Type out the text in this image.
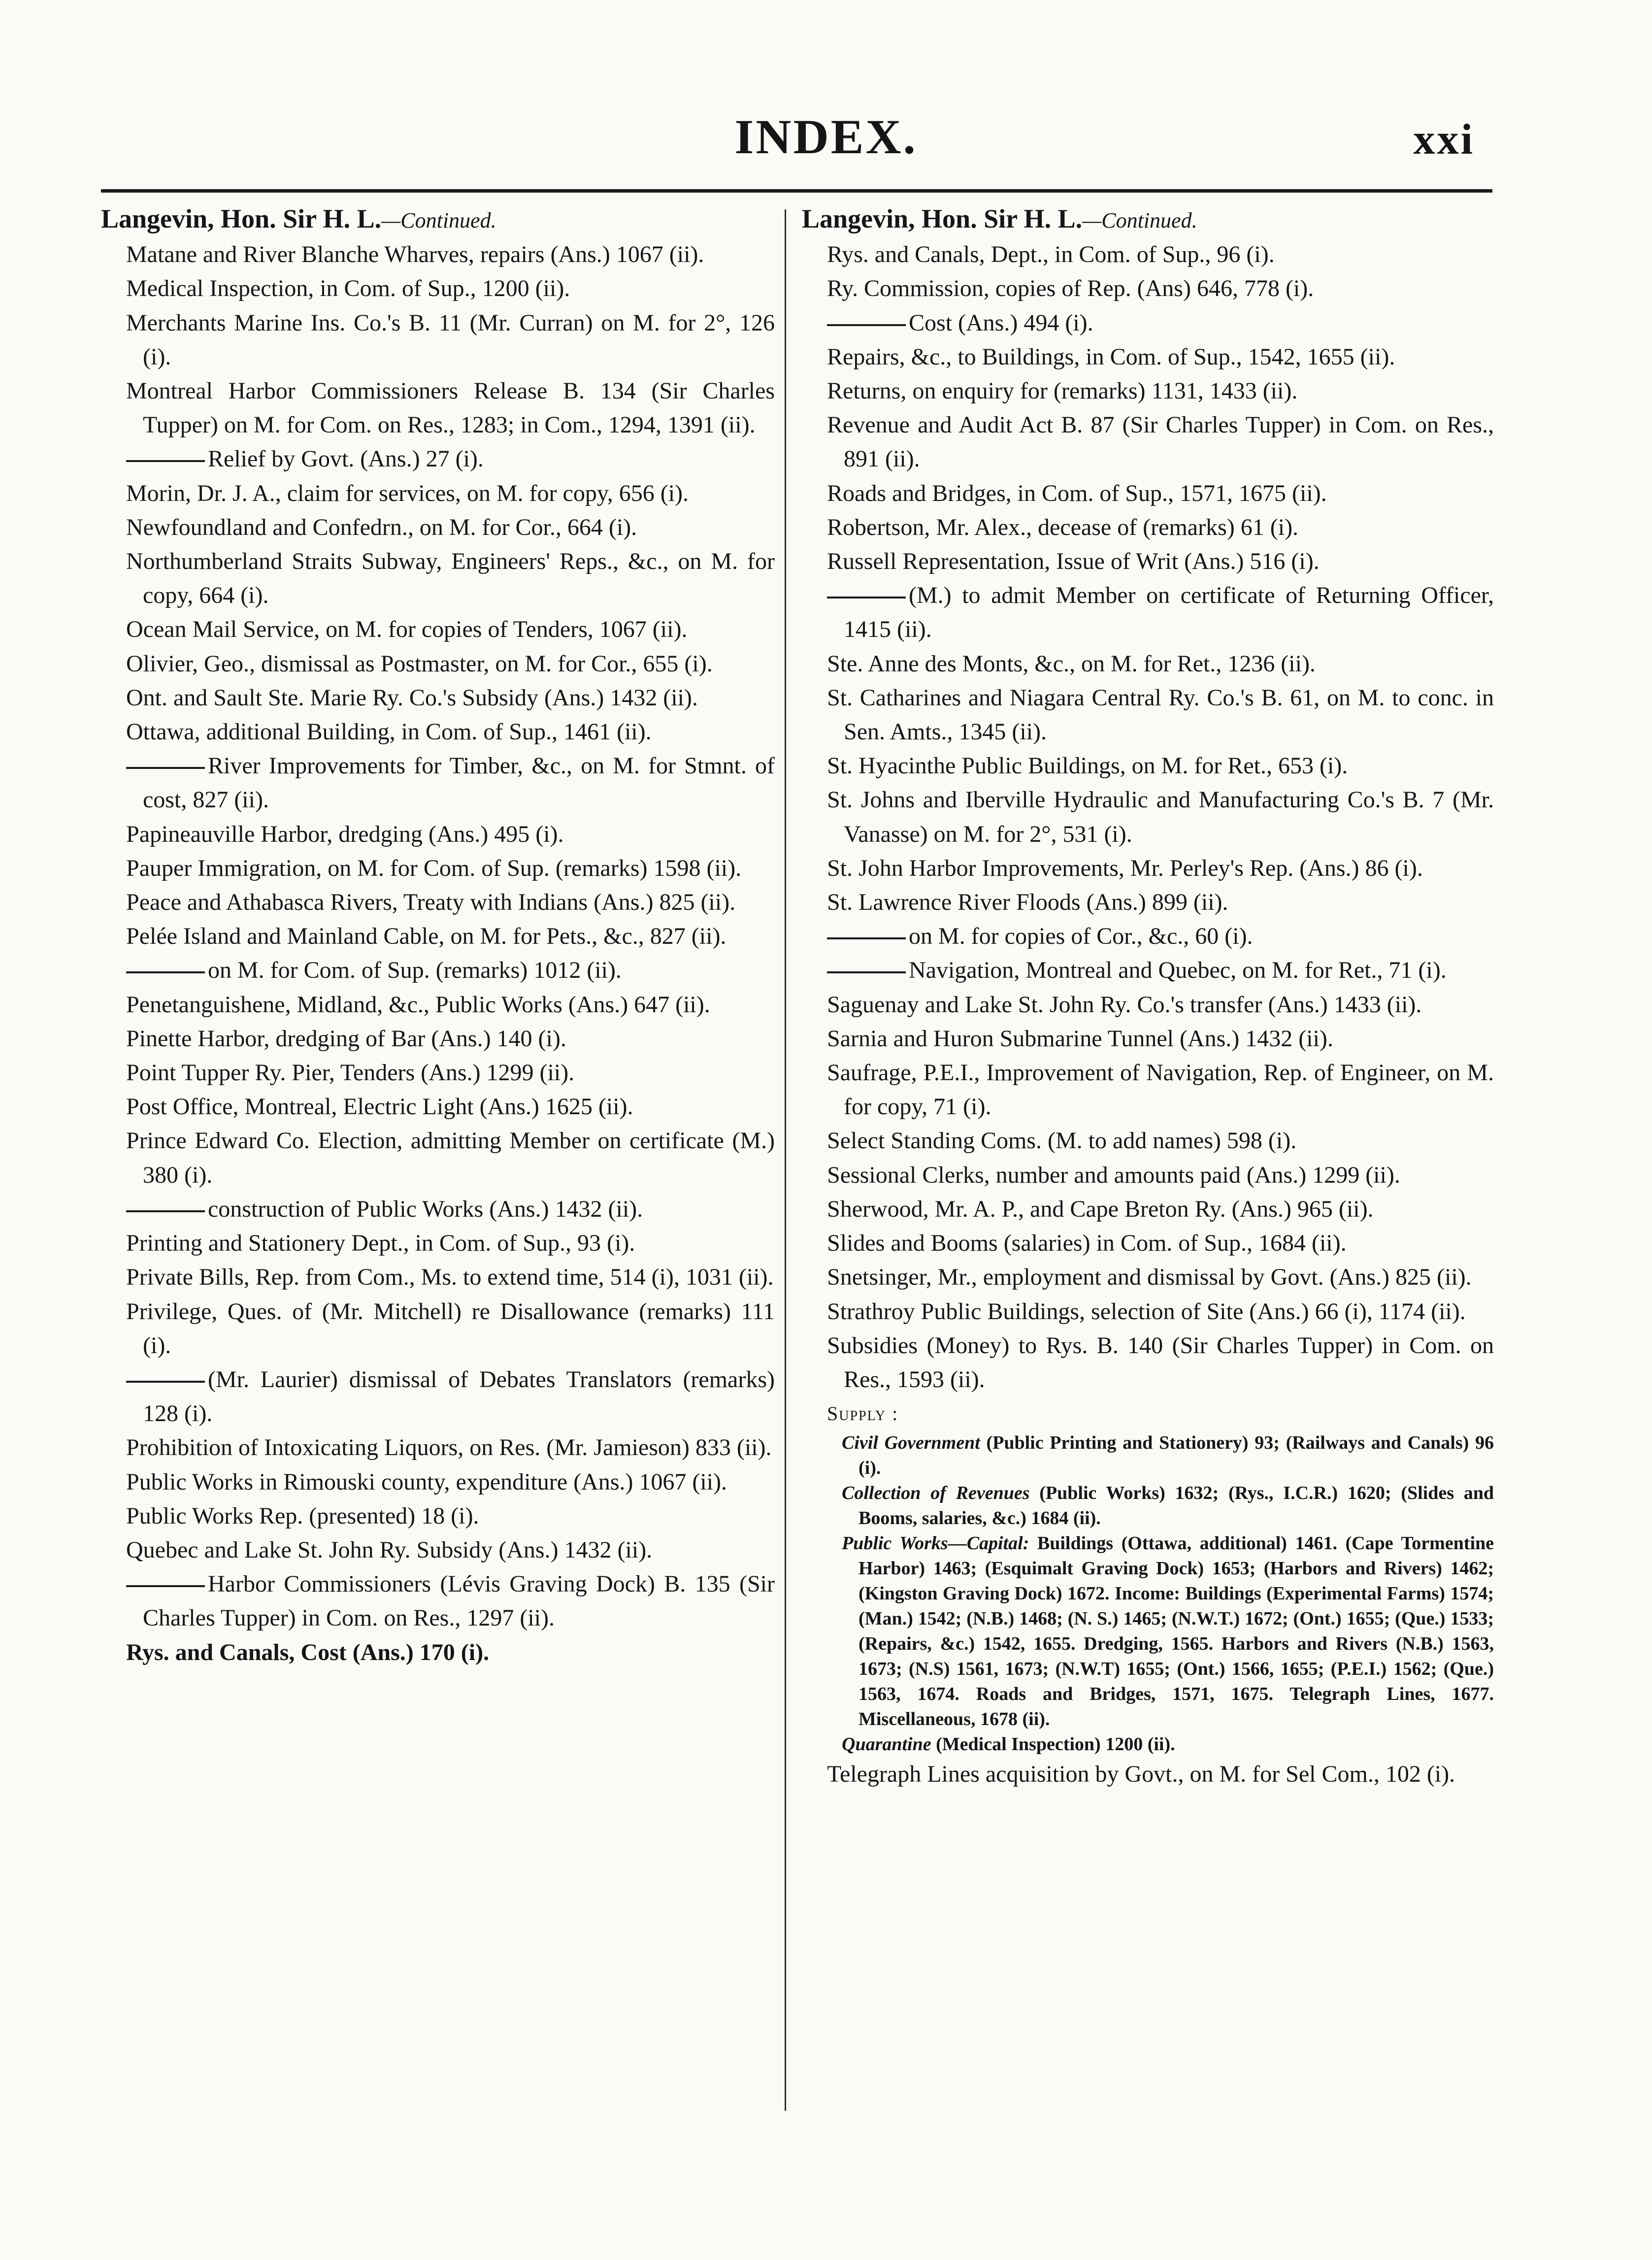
INDEX.	xxi
Langevin, Hon. Sir H. L.—Continued.
Matane and River Blanche Wharves, repairs (Ans.) 1067 (ii).
Medical Inspection, in Com. of Sup., 1200 (ii).
Merchants Marine Ins. Co.'s B. 11 (Mr. Curran) on M. for 2°, 126 (i).
Montreal Harbor Commissioners Release B. 134 (Sir Charles Tupper) on M. for Com. on Res., 1283; in Com., 1294, 1391 (ii).
Relief by Govt. (Ans.) 27 (i).
Morin, Dr. J. A., claim for services, on M. for copy, 656 (i).
Newfoundland and Confedrn., on M. for Cor., 664 (i).
Northumberland Straits Subway, Engineers' Reps., &c., on M. for copy, 664 (i).
Ocean Mail Service, on M. for copies of Tenders, 1067 (ii).
Olivier, Geo., dismissal as Postmaster, on M. for Cor., 655 (i).
Ont. and Sault Ste. Marie Ry. Co.'s Subsidy (Ans.) 1432 (ii).
Ottawa, additional Building, in Com. of Sup., 1461 (ii).
River Improvements for Timber, &c., on M. for Stmnt. of cost, 827 (ii).
Papineauville Harbor, dredging (Ans.) 495 (i).
Pauper Immigration, on M. for Com. of Sup. (remarks) 1598 (ii).
Peace and Athabasca Rivers, Treaty with Indians (Ans.) 825 (ii).
Pelée Island and Mainland Cable, on M. for Pets., &c., 827 (ii).
on M. for Com. of Sup. (remarks) 1012 (ii).
Penetanguishene, Midland, &c., Public Works (Ans.) 647 (ii).
Pinette Harbor, dredging of Bar (Ans.) 140 (i).
Point Tupper Ry. Pier, Tenders (Ans.) 1299 (ii).
Post Office, Montreal, Electric Light (Ans.) 1625 (ii).
Prince Edward Co. Election, admitting Member on certificate (M.) 380 (i).
construction of Public Works (Ans.) 1432 (ii).
Printing and Stationery Dept., in Com. of Sup., 93 (i).
Private Bills, Rep. from Com., Ms. to extend time, 514 (i), 1031 (ii).
Privilege, Ques. of (Mr. Mitchell) re Disallowance (remarks) 111 (i).
(Mr. Laurier) dismissal of Debates Translators (remarks) 128 (i).
Prohibition of Intoxicating Liquors, on Res. (Mr. Jamieson) 833 (ii).
Public Works in Rimouski county, expenditure (Ans.) 1067 (ii).
Public Works Rep. (presented) 18 (i).
Quebec and Lake St. John Ry. Subsidy (Ans.) 1432 (ii).
Harbor Commissioners (Lévis Graving Dock) B. 135 (Sir Charles Tupper) in Com. on Res., 1297 (ii).
Rys. and Canals, Cost (Ans.) 170 (i).
Langevin, Hon. Sir H. L.—Continued.
Rys. and Canals, Dept., in Com. of Sup., 96 (i).
Ry. Commission, copies of Rep. (Ans) 646, 778 (i).
Cost (Ans.) 494 (i).
Repairs, &c., to Buildings, in Com. of Sup., 1542, 1655 (ii).
Returns, on enquiry for (remarks) 1131, 1433 (ii).
Revenue and Audit Act B. 87 (Sir Charles Tupper) in Com. on Res., 891 (ii).
Roads and Bridges, in Com. of Sup., 1571, 1675 (ii).
Robertson, Mr. Alex., decease of (remarks) 61 (i).
Russell Representation, Issue of Writ (Ans.) 516 (i).
(M.) to admit Member on certificate of Returning Officer, 1415 (ii).
Ste. Anne des Monts, &c., on M. for Ret., 1236 (ii).
St. Catharines and Niagara Central Ry. Co.'s B. 61, on M. to conc. in Sen. Amts., 1345 (ii).
St. Hyacinthe Public Buildings, on M. for Ret., 653 (i).
St. Johns and Iberville Hydraulic and Manufacturing Co.'s B. 7 (Mr. Vanasse) on M. for 2°, 531 (i).
St. John Harbor Improvements, Mr. Perley's Rep. (Ans.) 86 (i).
St. Lawrence River Floods (Ans.) 899 (ii).
on M. for copies of Cor., &c., 60 (i).
Navigation, Montreal and Quebec, on M. for Ret., 71 (i).
Saguenay and Lake St. John Ry. Co.'s transfer (Ans.) 1433 (ii).
Sarnia and Huron Submarine Tunnel (Ans.) 1432 (ii).
Saufrage, P.E.I., Improvement of Navigation, Rep. of Engineer, on M. for copy, 71 (i).
Select Standing Coms. (M. to add names) 598 (i).
Sessional Clerks, number and amounts paid (Ans.) 1299 (ii).
Sherwood, Mr. A. P., and Cape Breton Ry. (Ans.) 965 (ii).
Slides and Booms (salaries) in Com. of Sup., 1684 (ii).
Snetsinger, Mr., employment and dismissal by Govt. (Ans.) 825 (ii).
Strathroy Public Buildings, selection of Site (Ans.) 66 (i), 1174 (ii).
Subsidies (Money) to Rys. B. 140 (Sir Charles Tupper) in Com. on Res., 1593 (ii).
Supply :
Civil Government (Public Printing and Stationery) 93; (Railways and Canals) 96 (i).
Collection of Revenues (Public Works) 1632; (Rys., I.C.R.) 1620; (Slides and Booms, salaries, &c.) 1684 (ii).
Public Works—Capital: Buildings (Ottawa, additional) 1461. (Cape Tormentine Harbor) 1463; (Esquimalt Graving Dock) 1653; (Harbors and Rivers) 1462; (Kingston Graving Dock) 1672. Income: Buildings (Experimental Farms) 1574; (Man.) 1542; (N.B.) 1468; (N. S.) 1465; (N.W.T.) 1672; (Ont.) 1655; (Que.) 1533; (Repairs, &c.) 1542, 1655. Dredging, 1565. Harbors and Rivers (N.B.) 1563, 1673; (N.S) 1561, 1673; (N.W.T) 1655; (Ont.) 1566, 1655; (P.E.I.) 1562; (Que.) 1563, 1674. Roads and Bridges, 1571, 1675. Telegraph Lines, 1677. Miscellaneous, 1678 (ii).
Quarantine (Medical Inspection) 1200 (ii).
Telegraph Lines acquisition by Govt., on M. for Sel Com., 102 (i).
